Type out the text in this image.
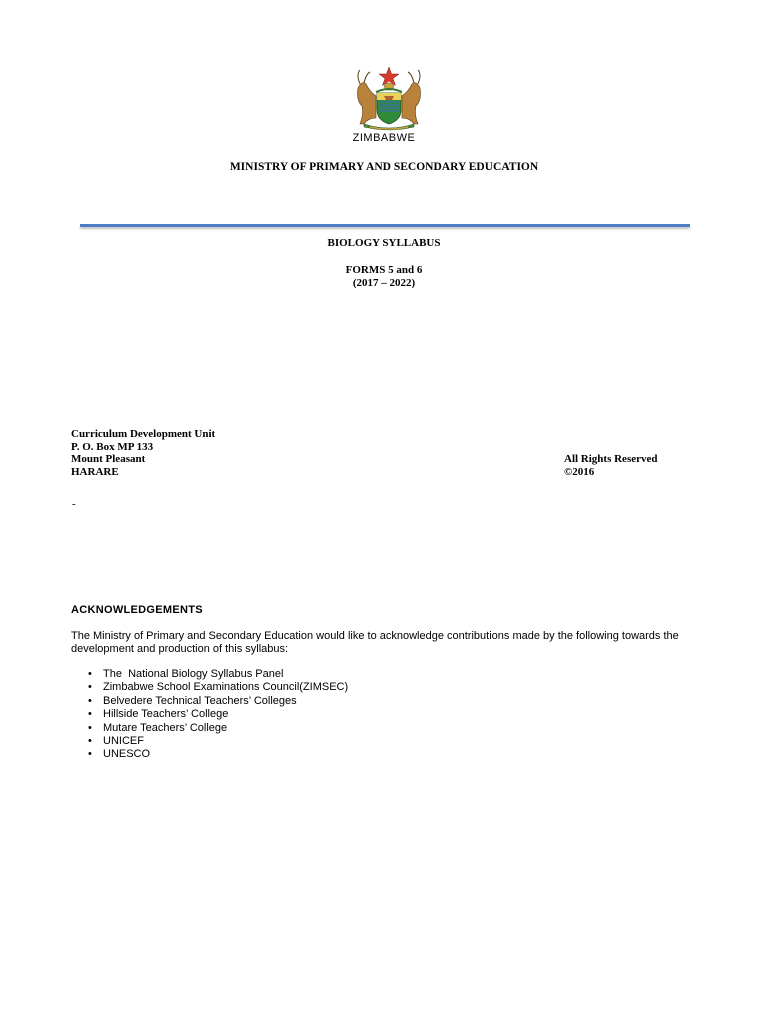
ZIMBABWE
MINISTRY OF PRIMARY AND SECONDARY EDUCATION
BIOLOGY SYLLABUS
FORMS 5 and 6
(2017 – 2022)
Curriculum Development Unit
P. O. Box MP 133
Mount Pleasant
HARARE
All Rights Reserved
©2016
-
ACKNOWLEDGEMENTS
The Ministry of Primary and Secondary Education would like to acknowledge contributions made by the following towards the development and production of this syllabus:
• The  National Biology Syllabus Panel
• Zimbabwe School Examinations Council(ZIMSEC)
• Belvedere Technical Teachers’ Colleges
• Hillside Teachers’ College
• Mutare Teachers’ College
• UNICEF
• UNESCO
